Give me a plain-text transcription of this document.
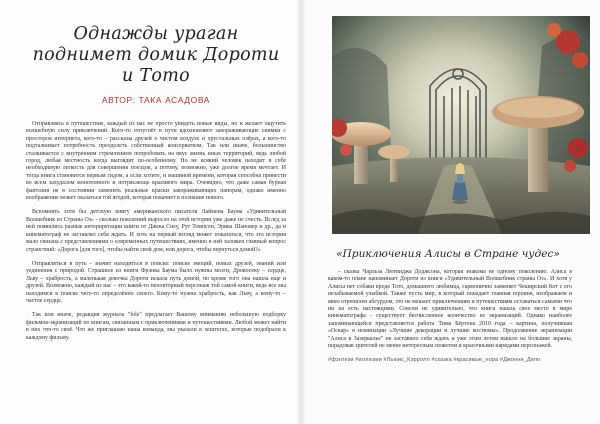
Однажды ураган поднимет домик Дороти и Тото
АВТОР: ТАКА АСАДОВА

Отправляясь в путешествие, каждый из нас не просто увидеть новые виды, но и желает ощутить волшебную силу приключений. Кого-то отпугнёт в пути вдохновляют завораживающие снимки с просторов интернета, кого-то – рассказы друзей о чистом воздухе и хрустальных озёрах, а кого-то подталкивает потребность преодолеть собственный консерватизм. Так или иначе, большинство сталкивается с внутренним стремлением попробовать на вкус жизнь иных территорий, ведь любой город, любая местность когда выглядит по-особенному. Но не всякий человек находит в себе необходимую легкость для совершения поездок, а потому, возможно, уже долгое время мечтает. И тогда книга становится первым гидом, а если хотите, и машиной времени, которая способна привести во всем захудалом монотонного и потрясающе красивого мира. Очевидно, что даже самая бурная фантазия не в состоянии заменить реальные краски завораживающих панорам, однако именно воображение может оказаться той ягодой, которая покачнет в познание нового.

Вспомнить хотя бы детскую книгу американского писателя Лаймена Баума «Удивительный Волшебник из Страны Оз» - сколько поколений выросло на этой истории уже даже не счесть. Вслед за ней появились разные интерпретации книги от Джека Снеу, Рут Томпсон, Эрика Шановер и др., да и кинематограф не заставлял себя ждать. И хоть на первый взгляд может показаться, что эта история мало связана с представлениями о современных путешествиях, именно в ней заложен главный вопрос странствий: «Дорога [для того], чтобы найти свой дом, или дорога, чтобы вернуться домой?»

Отправляться в путь - значит находиться в поиске: поиске эмоций, новых друзей, знаний или уединения с природой. Страшиле из книги Фрэнка Баума было нужны мозги, Дровосеку – сердце, Льву – храбрость, а маленькая девочка Дороти искала путь домой, но кроме того она нашла еще и друзей. Возможно, каждый из нас – это какой-то неповторный персонаж той самой книги, ведь все мы находимся в поиске чего-то определённо своего. Кому-то нужна храбрость, как Льву, а кому-то – частое сердце.

Так или иначе, редакция журнала "fole" предлагает Вашему вниманию небольшую подборку фильмов-экранизаций по книгам, связанным с приключениями и путешествиями. Любой может найти в них что-то своё. Что же приглашаю наша команда, мы указали в хештегах, которые подобрали к каждому фильму.

«Приключения Алисы в Стране чудес»

– сказка Чарльза Лютвиджа Доджсона, которая знакома не одному поколению. Алиса в каком-то плане напоминает Дороти из книги «Удивительный Волшебник страны Оз». И хотя у Алисы нет собаки вроде Тото, домашнего любимца, гармонично заменяет Чеширский Кот с его незабываемой улыбкой. Также пусть мир, в который попадает главная героиня, неображаем и явно отрепилен абсурдом, это не мешает приключениям и путешествиям оставаться самыми что ни на есть настоящими. Совсем не удивительно, что книга нашла свое место в мире кинематографа - существует бесчисленное количество ее экранизаций. Однако наиболее запоминающейся представляется работа Тима Бёртона 2010 года – картина, получившая «Оскар» в номинации «Лучшие декорации и лучшие костюмы». Продолжение экранизации "Алиса в Зазеркалье" не заставило себя ждать и уже этим летом вышло на большие экраны, порадовав зрителей не менее интересным сюжетом и красочными нарядами персонажей.

#фэнтези #иллюзии #Льюис_Кэрролл #сказка #красивые_нора #Джонни_Депп
